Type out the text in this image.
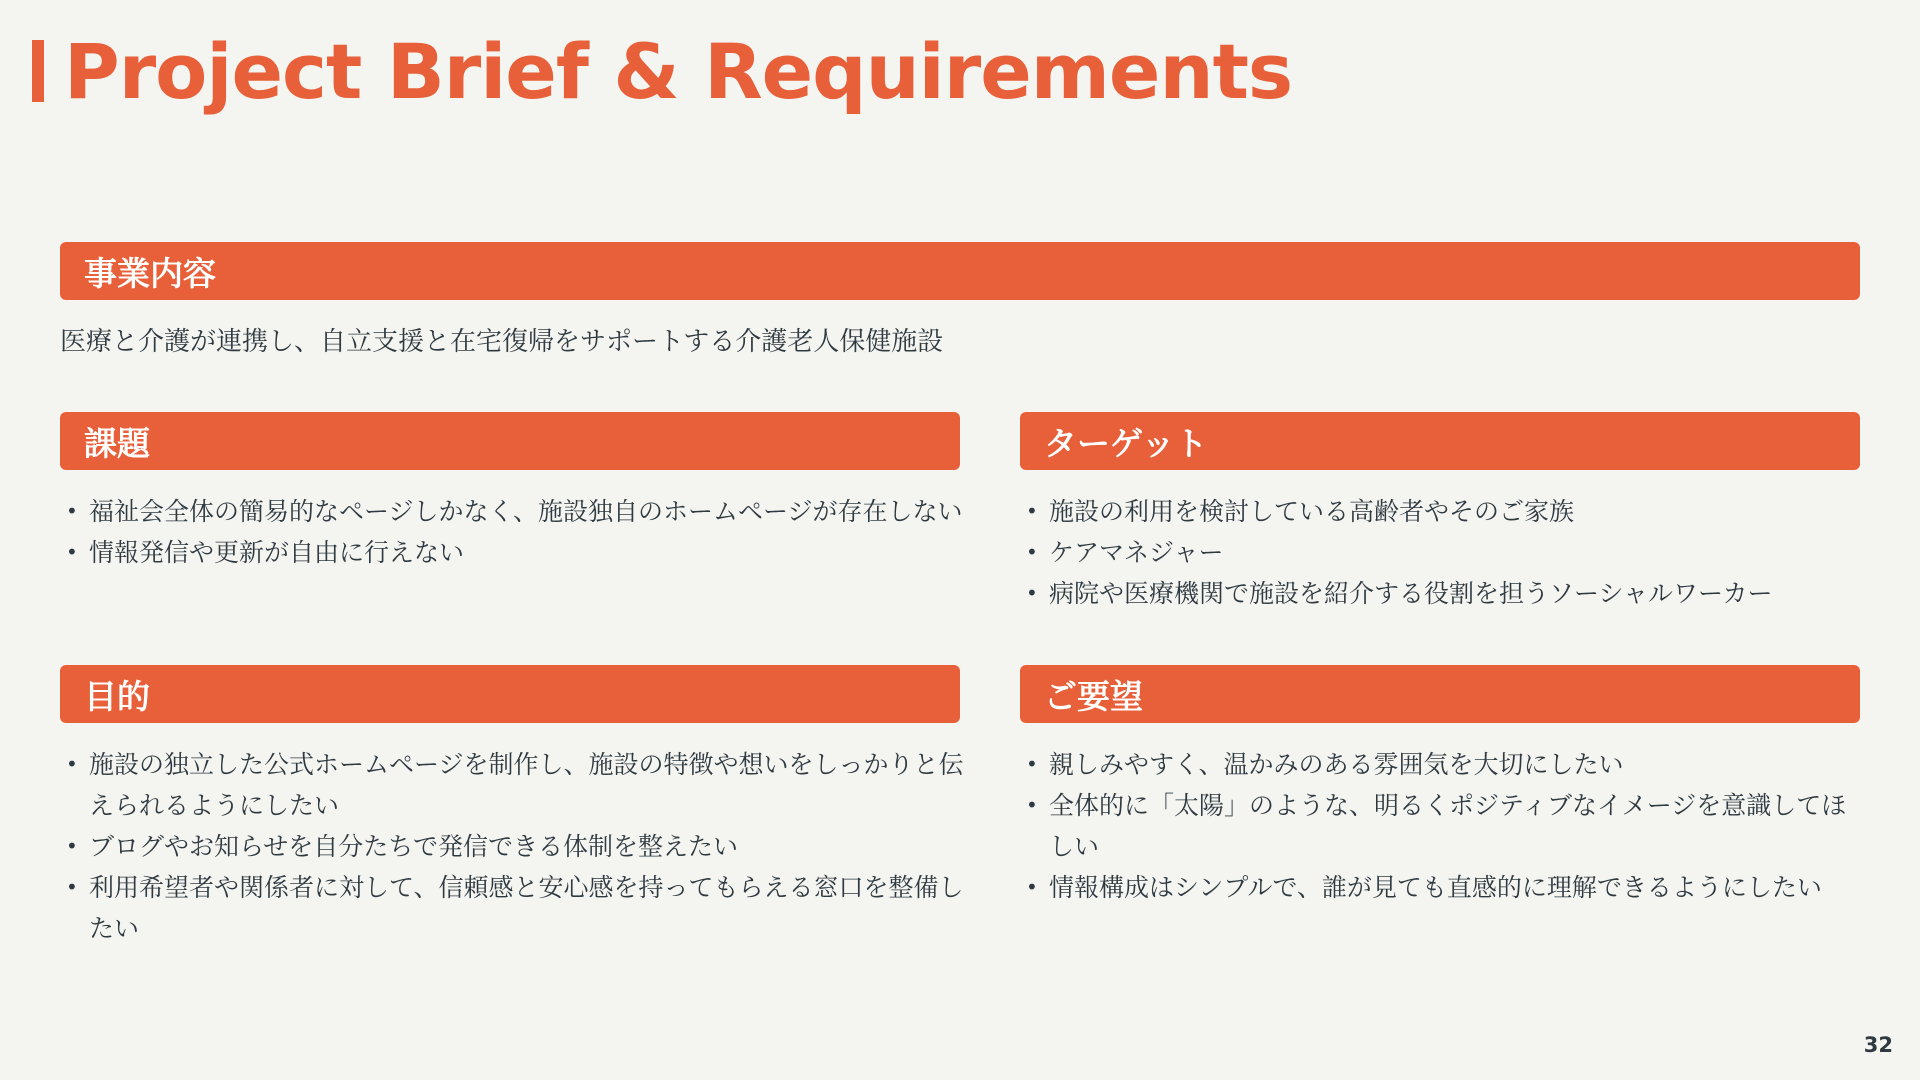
Project Brief & Requirements
事業内容
医療と介護が連携し、自立支援と在宅復帰をサポートする介護老人保健施設
課題
• 福祉会全体の簡易的なページしかなく、施設独自のホームページが存在しない
• 情報発信や更新が自由に行えない
ターゲット
• 施設の利用を検討している高齢者やそのご家族
• ケアマネジャー
• 病院や医療機関で施設を紹介する役割を担うソーシャルワーカー
目的
• 施設の独立した公式ホームページを制作し、施設の特徴や想いをしっかりと伝えられるようにしたい
• ブログやお知らせを自分たちで発信できる体制を整えたい
• 利用希望者や関係者に対して、信頼感と安心感を持ってもらえる窓口を整備したい
ご要望
• 親しみやすく、温かみのある雰囲気を大切にしたい
• 全体的に「太陽」のような、明るくポジティブなイメージを意識してほしい
• 情報構成はシンプルで、誰が見ても直感的に理解できるようにしたい
32
